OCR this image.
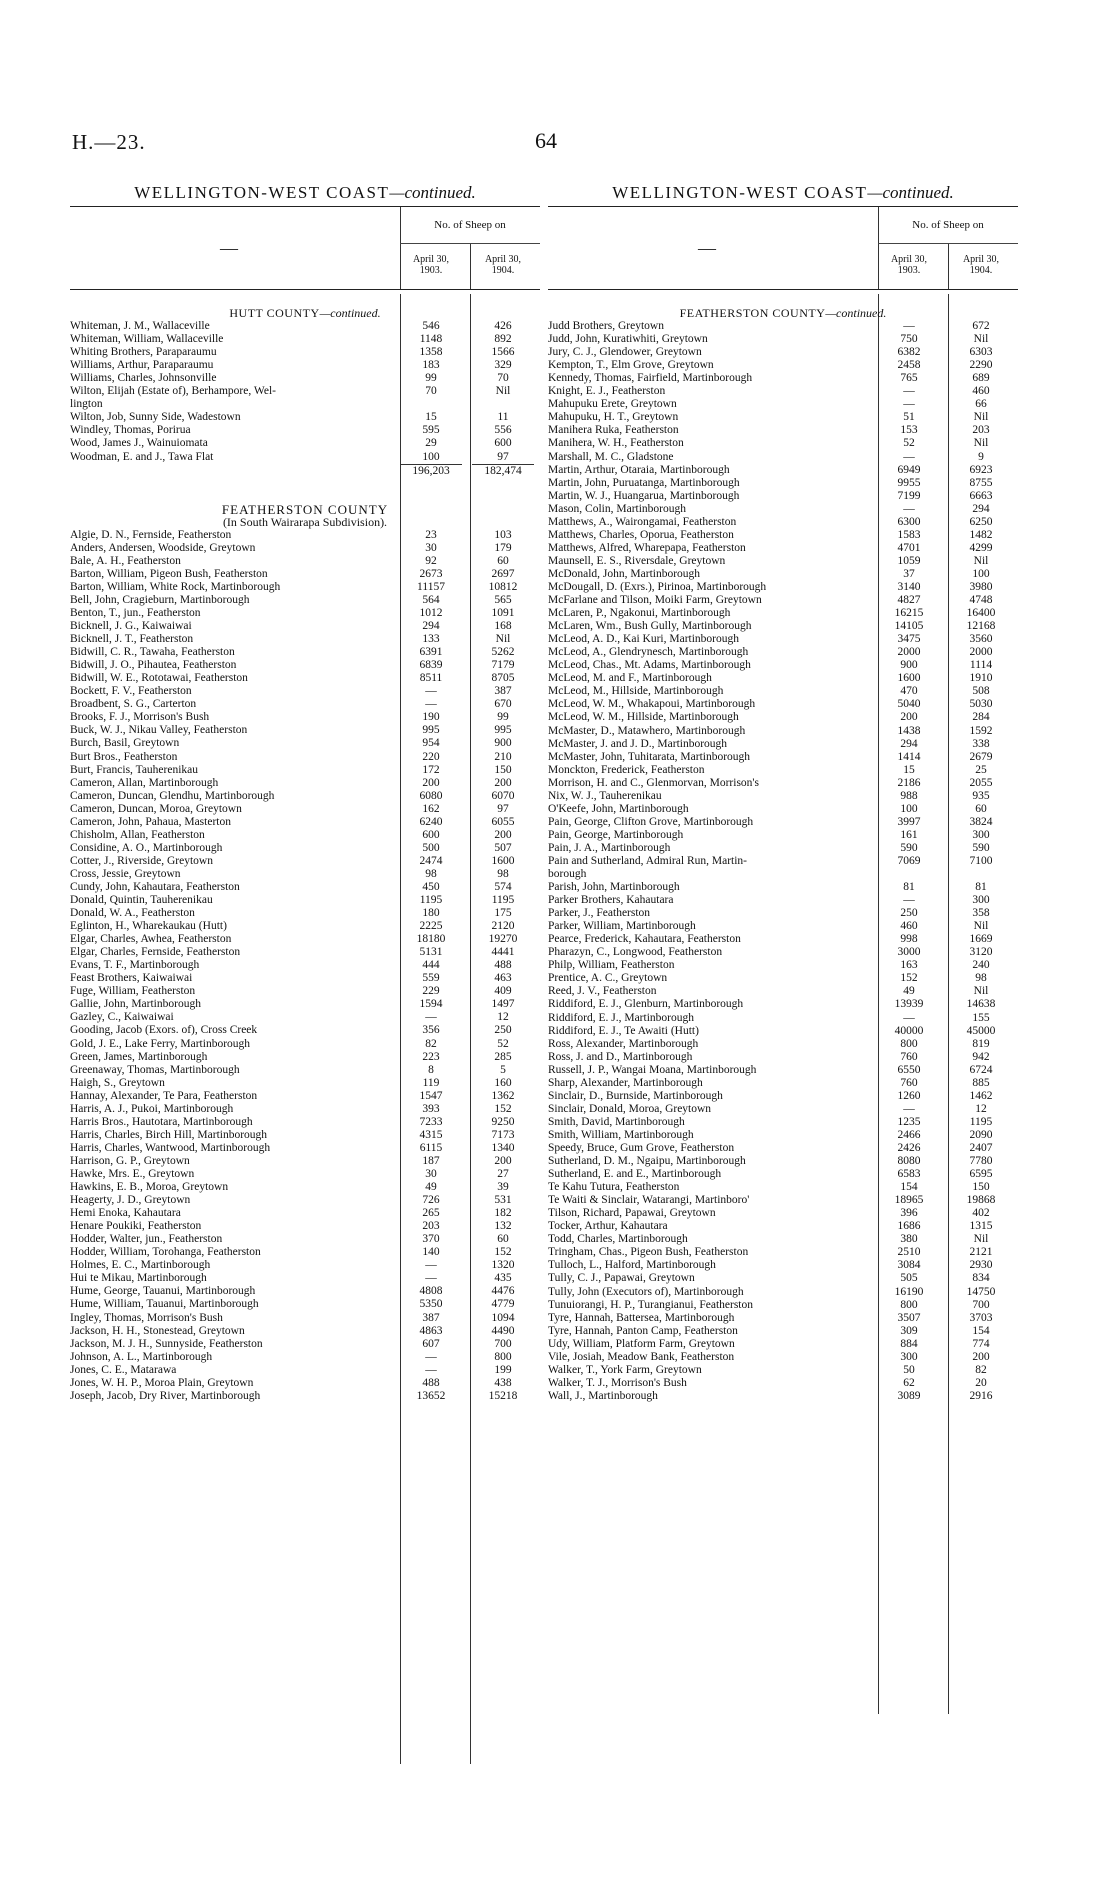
H.—23.	64
WELLINGTON-WEST COAST—continued.
—
No. of Sheep on
April 30,
1903.
April 30,
1904.
HUTT COUNTY—continued.
Whiteman, J. M., Wallaceville	546	426
Whiteman, William, Wallaceville	1148	892
Whiting Brothers, Paraparaumu	1358	1566
Williams, Arthur, Paraparaumu	183	329
Williams, Charles, Johnsonville	99	70
Wilton, Elijah (Estate of), Berhampore, Wel-	70	Nil
lington
Wilton, Job, Sunny Side, Wadestown	15	11
Windley, Thomas, Porirua	595	556
Wood, James J., Wainuiomata	29	600
Woodman, E. and J., Tawa Flat	100	97
196,203	182,474
FEATHERSTON COUNTY
(In South Wairarapa Subdivision).
Algie, D. N., Fernside, Featherston	23	103
Anders, Andersen, Woodside, Greytown	30	179
Bale, A. H., Featherston	92	60
Barton, William, Pigeon Bush, Featherston	2673	2697
Barton, William, White Rock, Martinborough	11157	10812
Bell, John, Cragieburn, Martinborough	564	565
Benton, T., jun., Featherston	1012	1091
Bicknell, J. G., Kaiwaiwai	294	168
Bicknell, J. T., Featherston	133	Nil
Bidwill, C. R., Tawaha, Featherston	6391	5262
Bidwill, J. O., Pihautea, Featherston	6839	7179
Bidwill, W. E., Rototawai, Featherston	8511	8705
Bockett, F. V., Featherston	—	387
Broadbent, S. G., Carterton	—	670
Brooks, F. J., Morrison's Bush	190	99
Buck, W. J., Nikau Valley, Featherston	995	995
Burch, Basil, Greytown	954	900
Burt Bros., Featherston	220	210
Burt, Francis, Tauherenikau	172	150
Cameron, Allan, Martinborough	200	200
Cameron, Duncan, Glendhu, Martinborough	6080	6070
Cameron, Duncan, Moroa, Greytown	162	97
Cameron, John, Pahaua, Masterton	6240	6055
Chisholm, Allan, Featherston	600	200
Considine, A. O., Martinborough	500	507
Cotter, J., Riverside, Greytown	2474	1600
Cross, Jessie, Greytown	98	98
Cundy, John, Kahautara, Featherston	450	574
Donald, Quintin, Tauherenikau	1195	1195
Donald, W. A., Featherston	180	175
Eglinton, H., Wharekaukau (Hutt)	2225	2120
Elgar, Charles, Awhea, Featherston	18180	19270
Elgar, Charles, Fernside, Featherston	5131	4441
Evans, T. F., Martinborough	444	488
Feast Brothers, Kaiwaiwai	559	463
Fuge, William, Featherston	229	409
Gallie, John, Martinborough	1594	1497
Gazley, C., Kaiwaiwai	—	12
Gooding, Jacob (Exors. of), Cross Creek	356	250
Gold, J. E., Lake Ferry, Martinborough	82	52
Green, James, Martinborough	223	285
Greenaway, Thomas, Martinborough	8	5
Haigh, S., Greytown	119	160
Hannay, Alexander, Te Para, Featherston	1547	1362
Harris, A. J., Pukoi, Martinborough	393	152
Harris Bros., Hautotara, Martinborough	7233	9250
Harris, Charles, Birch Hill, Martinborough	4315	7173
Harris, Charles, Wantwood, Martinborough	6115	1340
Harrison, G. P., Greytown	187	200
Hawke, Mrs. E., Greytown	30	27
Hawkins, E. B., Moroa, Greytown	49	39
Heagerty, J. D., Greytown	726	531
Hemi Enoka, Kahautara	265	182
Henare Poukiki, Featherston	203	132
Hodder, Walter, jun., Featherston	370	60
Hodder, William, Torohanga, Featherston	140	152
Holmes, E. C., Martinborough	—	1320
Hui te Mikau, Martinborough	—	435
Hume, George, Tauanui, Martinborough	4808	4476
Hume, William, Tauanui, Martinborough	5350	4779
Ingley, Thomas, Morrison's Bush	387	1094
Jackson, H. H., Stonestead, Greytown	4863	4490
Jackson, M. J. H., Sunnyside, Featherston	607	700
Johnson, A. L., Martinborough	—	800
Jones, C. E., Matarawa	—	199
Jones, W. H. P., Moroa Plain, Greytown	488	438
Joseph, Jacob, Dry River, Martinborough	13652	15218
WELLINGTON-WEST COAST—continued.
—
No. of Sheep on
April 30,
1903.
April 30,
1904.
FEATHERSTON COUNTY—continued.
Judd Brothers, Greytown	—	672
Judd, John, Kuratiwhiti, Greytown	750	Nil
Jury, C. J., Glendower, Greytown	6382	6303
Kempton, T., Elm Grove, Greytown	2458	2290
Kennedy, Thomas, Fairfield, Martinborough	765	689
Knight, E. J., Featherston	—	460
Mahupuku Erete, Greytown	—	66
Mahupuku, H. T., Greytown	51	Nil
Manihera Ruka, Featherston	153	203
Manihera, W. H., Featherston	52	Nil
Marshall, M. C., Gladstone	—	9
Martin, Arthur, Otaraia, Martinborough	6949	6923
Martin, John, Puruatanga, Martinborough	9955	8755
Martin, W. J., Huangarua, Martinborough	7199	6663
Mason, Colin, Martinborough	—	294
Matthews, A., Wairongamai, Featherston	6300	6250
Matthews, Charles, Oporua, Featherston	1583	1482
Matthews, Alfred, Wharepapa, Featherston	4701	4299
Maunsell, E. S., Riversdale, Greytown	1059	Nil
McDonald, John, Martinborough	37	100
McDougall, D. (Exrs.), Pirinoa, Martinborough	3140	3980
McFarlane and Tilson, Moiki Farm, Greytown	4827	4748
McLaren, P., Ngakonui, Martinborough	16215	16400
McLaren, Wm., Bush Gully, Martinborough	14105	12168
McLeod, A. D., Kai Kuri, Martinborough	3475	3560
McLeod, A., Glendrynesch, Martinborough	2000	2000
McLeod, Chas., Mt. Adams, Martinborough	900	1114
McLeod, M. and F., Martinborough	1600	1910
McLeod, M., Hillside, Martinborough	470	508
McLeod, W. M., Whakapoui, Martinborough	5040	5030
McLeod, W. M., Hillside, Martinborough	200	284
McMaster, D., Matawhero, Martinborough	1438	1592
McMaster, J. and J. D., Martinborough	294	338
McMaster, John, Tuhitarata, Martinborough	1414	2679
Monckton, Frederick, Featherston	15	25
Morrison, H. and C., Glenmorvan, Morrison's	2186	2055
Nix, W. J., Tauherenikau	988	935
O'Keefe, John, Martinborough	100	60
Pain, George, Clifton Grove, Martinborough	3997	3824
Pain, George, Martinborough	161	300
Pain, J. A., Martinborough	590	590
Pain and Sutherland, Admiral Run, Martin-	7069	7100
borough
Parish, John, Martinborough	81	81
Parker Brothers, Kahautara	—	300
Parker, J., Featherston	250	358
Parker, William, Martinborough	460	Nil
Pearce, Frederick, Kahautara, Featherston	998	1669
Pharazyn, C., Longwood, Featherston	3000	3120
Philp, William, Featherston	163	240
Prentice, A. C., Greytown	152	98
Reed, J. V., Featherston	49	Nil
Riddiford, E. J., Glenburn, Martinborough	13939	14638
Riddiford, E. J., Martinborough	—	155
Riddiford, E. J., Te Awaiti (Hutt)	40000	45000
Ross, Alexander, Martinborough	800	819
Ross, J. and D., Martinborough	760	942
Russell, J. P., Wangai Moana, Martinborough	6550	6724
Sharp, Alexander, Martinborough	760	885
Sinclair, D., Burnside, Martinborough	1260	1462
Sinclair, Donald, Moroa, Greytown	—	12
Smith, David, Martinborough	1235	1195
Smith, William, Martinborough	2466	2090
Speedy, Bruce, Gum Grove, Featherston	2426	2407
Sutherland, D. M., Ngaipu, Martinborough	8080	7780
Sutherland, E. and E., Martinborough	6583	6595
Te Kahu Tutura, Featherston	154	150
Te Waiti & Sinclair, Watarangi, Martinboro'	18965	19868
Tilson, Richard, Papawai, Greytown	396	402
Tocker, Arthur, Kahautara	1686	1315
Todd, Charles, Martinborough	380	Nil
Tringham, Chas., Pigeon Bush, Featherston	2510	2121
Tulloch, L., Halford, Martinborough	3084	2930
Tully, C. J., Papawai, Greytown	505	834
Tully, John (Executors of), Martinborough	16190	14750
Tunuiorangi, H. P., Turangianui, Featherston	800	700
Tyre, Hannah, Battersea, Martinborough	3507	3703
Tyre, Hannah, Panton Camp, Featherston	309	154
Udy, William, Platform Farm, Greytown	884	774
Vile, Josiah, Meadow Bank, Featherston	300	200
Walker, T., York Farm, Greytown	50	82
Walker, T. J., Morrison's Bush	62	20
Wall, J., Martinborough	3089	2916
